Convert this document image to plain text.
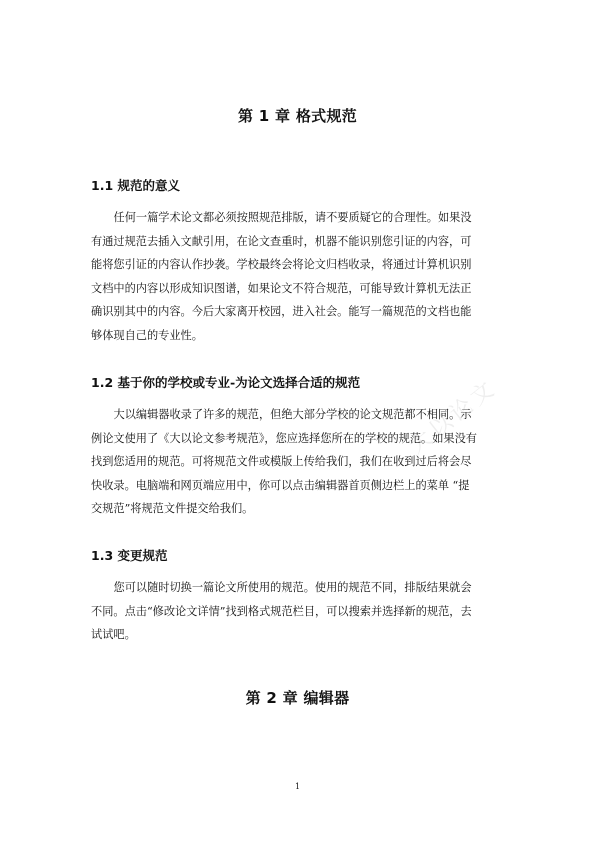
第 1 章 格式规范
1.1 规范的意义
任何一篇学术论文都必须按照规范排版，请不要质疑它的合理性。如果没
有通过规范去插入文献引用，在论文查重时，机器不能识别您引证的内容，可
能将您引证的内容认作抄袭。学校最终会将论文归档收录，将通过计算机识别
文档中的内容以形成知识图谱，如果论文不符合规范，可能导致计算机无法正
确识别其中的内容。今后大家离开校园，进入社会。能写一篇规范的文档也能
够体现自己的专业性。
1.2 基于你的学校或专业-为论文选择合适的规范
大以编辑器收录了许多的规范，但绝大部分学校的论文规范都不相同。示
例论文使用了《大以论文参考规范》，您应选择您所在的学校的规范。如果没有
找到您适用的规范。可将规范文件或模版上传给我们，我们在收到过后将会尽
快收录。电脑端和网页端应用中，你可以点击编辑器首页侧边栏上的菜单 “提
交规范”将规范文件提交给我们。
1.3 变更规范
您可以随时切换一篇论文所使用的规范。使用的规范不同，排版结果就会
不同。点击“修改论文详情”找到格式规范栏目，可以搜索并选择新的规范，去
试试吧。
第 2 章 编辑器
大以论文
1
